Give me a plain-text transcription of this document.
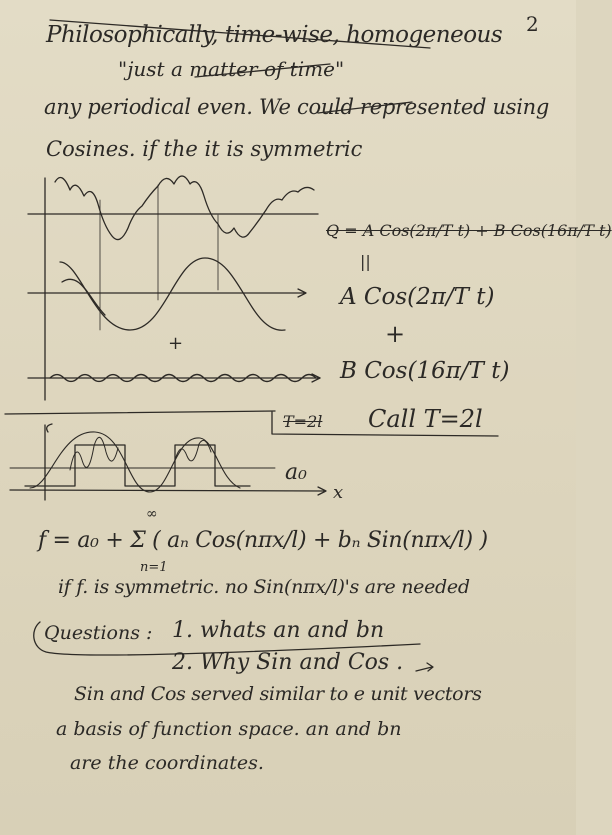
2
Philosophically, time-wise, homogeneous
"just a matter of time"
any periodical even. We could represented using
Cosines. if the it is symmetric
Q = A Cos(2π/T t) + B Cos(16π/T t)
||
A Cos(2π/T t)
+
B Cos(16π/T t)
+
T=2l Call T=2l
a₀
x
f = a₀ + Σ ( aₙ Cos(nπx/l) + bₙ Sin(nπx/l) )
∞
n=1
if f. is symmetric. no Sin(nπx/l)'s are needed
Questions : 1. whats an and bn
2. Why Sin and Cos .
Sin and Cos served similar to e unit vectors
a basis of function space. an and bn
are the coordinates.
